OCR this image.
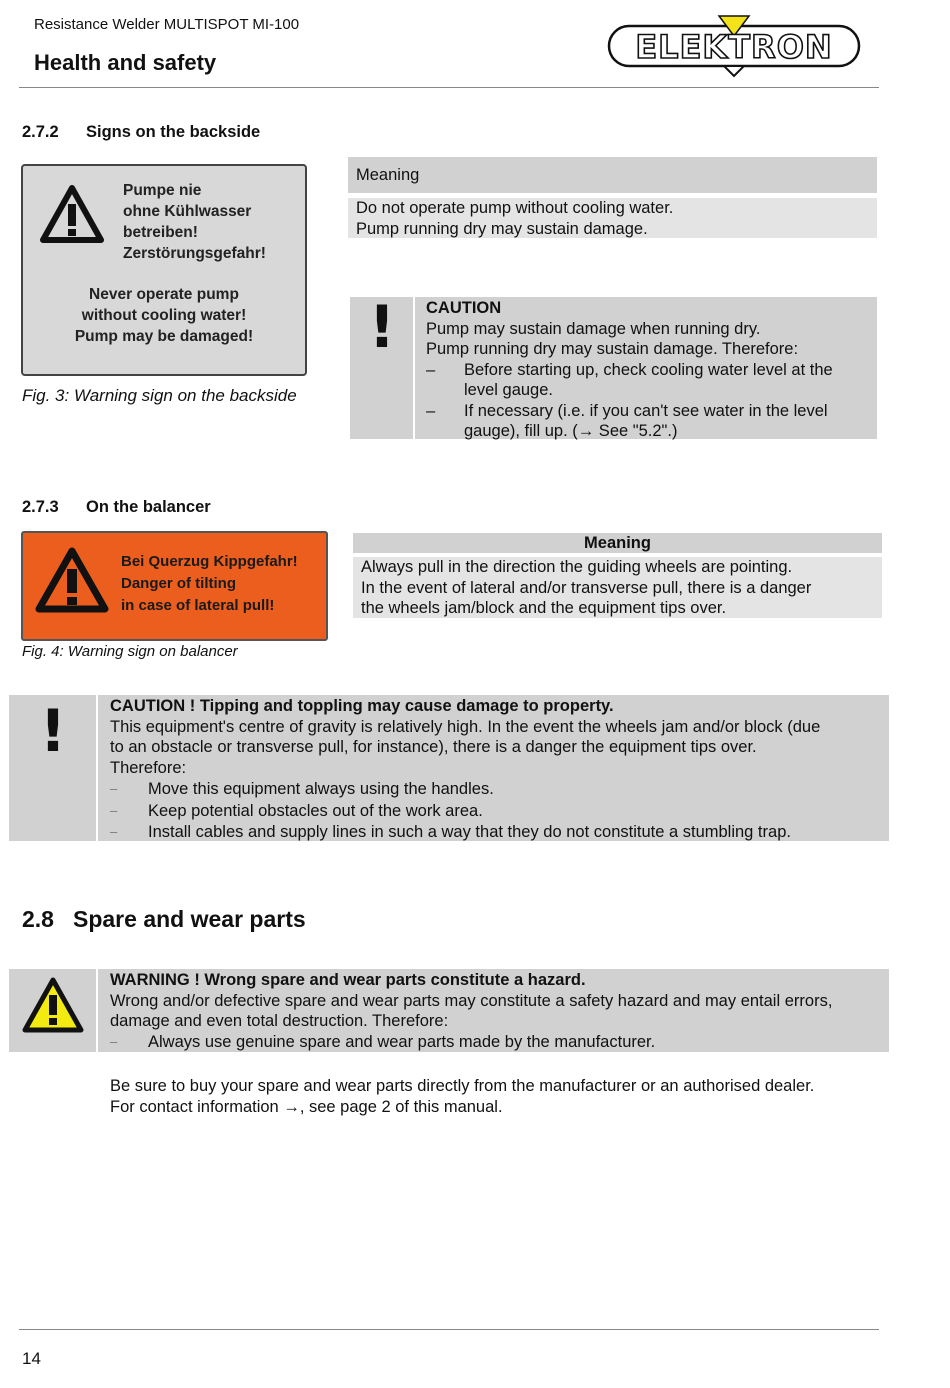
Resistance Welder MULTISPOT MI-100
Health and safety	ELEKTRON
2.7.2 Signs on the backside
Pumpe nie
ohne Kühlwasser
betreiben!
Zerstörungsgefahr!
Never operate pump
without cooling water!
Pump may be damaged!
Fig. 3: Warning sign on the backside
Meaning
Do not operate pump without cooling water.
Pump running dry may sustain damage.
!	CAUTION
Pump may sustain damage when running dry.
Pump running dry may sustain damage. Therefore:
– Before starting up, check cooling water level at the
level gauge.
– If necessary (i.e. if you can't see water in the level
gauge), fill up. (→ See "5.2".)
2.7.3 On the balancer
Bei Querzug Kippgefahr!
Danger of tilting
in case of lateral pull!
Fig. 4: Warning sign on balancer
Meaning
Always pull in the direction the guiding wheels are pointing.
In the event of lateral and/or transverse pull, there is a danger
the wheels jam/block and the equipment tips over.
!	CAUTION ! Tipping and toppling may cause damage to property.
This equipment's centre of gravity is relatively high. In the event the wheels jam and/or block (due
to an obstacle or transverse pull, for instance), there is a danger the equipment tips over.
Therefore:
– Move this equipment always using the handles.
– Keep potential obstacles out of the work area.
– Install cables and supply lines in such a way that they do not constitute a stumbling trap.
2.8 Spare and wear parts
WARNING ! Wrong spare and wear parts constitute a hazard.
Wrong and/or defective spare and wear parts may constitute a safety hazard and may entail errors,
damage and even total destruction. Therefore:
– Always use genuine spare and wear parts made by the manufacturer.
Be sure to buy your spare and wear parts directly from the manufacturer or an authorised dealer.
For contact information →, see page 2 of this manual.
14
